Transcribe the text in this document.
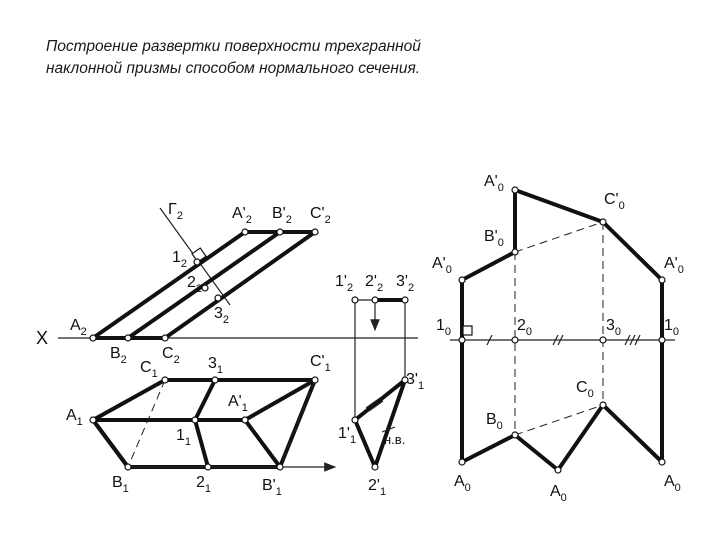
Построение развертки поверхности трехгранной
наклонной призмы способом нормального сечения.
$\Gamma_2$	$A'_2$ $B'_2$ $C'_2$
$1_2$
$2_2$
$3_2$
X
$A_2$
$B_2$ $C_2$
$1'_2$ $2'_2$ $3'_2$
$C_1$
$3_1$	$C'_1$
$A_1$
$A'_1$
$1_1$
$3'_1$
$1'_1$ н.в.
$B_1$	$2_1$	$B'_1$	$2'_1$
$A'_0$
$C'_0$
$B'_0$
$A'_0$	$A'_0$
$1_0$	$2_0$	$3_0$	$1_0$
$C_0$
$B_0$
$A_0$	$A_0$
$A_0$
